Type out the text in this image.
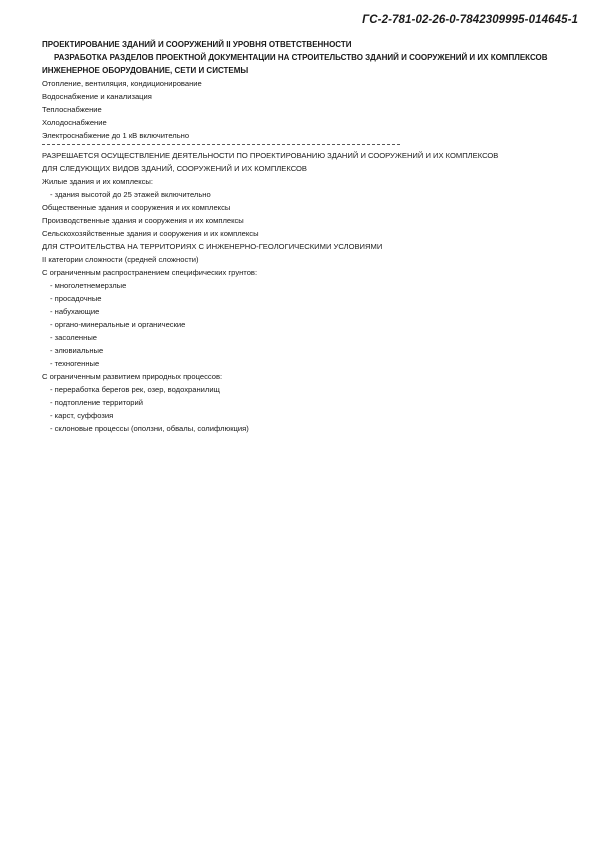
ГС-2-781-02-26-0-7842309995-014645-1
ПРОЕКТИРОВАНИЕ ЗДАНИЙ И СООРУЖЕНИЙ II УРОВНЯ ОТВЕТСТВЕННОСТИ
РАЗРАБОТКА РАЗДЕЛОВ ПРОЕКТНОЙ ДОКУМЕНТАЦИИ НА СТРОИТЕЛЬСТВО ЗДАНИЙ И СООРУЖЕНИЙ И ИХ КОМПЛЕКСОВ
ИНЖЕНЕРНОЕ ОБОРУДОВАНИЕ, СЕТИ И СИСТЕМЫ
Отопление, вентиляция, кондиционирование
Водоснабжение и канализация
Теплоснабжение
Холодоснабжение
Электроснабжение до 1 кВ включительно
РАЗРЕШАЕТСЯ ОСУЩЕСТВЛЕНИЕ ДЕЯТЕЛЬНОСТИ ПО ПРОЕКТИРОВАНИЮ ЗДАНИЙ И СООРУЖЕНИЙ И ИХ КОМПЛЕКСОВ
ДЛЯ СЛЕДУЮЩИХ ВИДОВ ЗДАНИЙ, СООРУЖЕНИЙ И ИХ КОМПЛЕКСОВ
Жилые здания и их комплексы:
- здания высотой до 25 этажей включительно
Общественные здания и сооружения и их комплексы
Производственные здания и сооружения и их комплексы
Сельскохозяйственные здания и сооружения и их комплексы
ДЛЯ СТРОИТЕЛЬСТВА НА ТЕРРИТОРИЯХ С ИНЖЕНЕРНО-ГЕОЛОГИЧЕСКИМИ УСЛОВИЯМИ
II категории сложности (средней сложности)
С ограниченным распространением специфических грунтов:
- многолетнемерзлые
- просадочные
- набухающие
- органо-минеральные и органические
- засоленные
- элювиальные
- техногенные
С ограниченным развитием природных процессов:
- переработка берегов рек, озер, водохранилищ
- подтопление территорий
- карст, суффозия
- склоновые процессы (оползни, обвалы, солифлюкция)
